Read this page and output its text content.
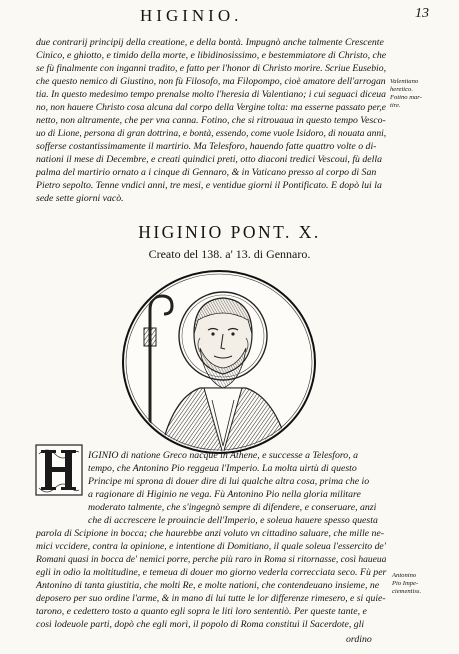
HIGINIO.	13
due contrarij principij della creatione, e della bontà. Impugnò anche talmente Crescente
Cinico, e ghiotto, e timido della morte, e libidinosissimo, e bestemmiatore di Christo, che
se fù finalmente con inganni tradito, e fatto per l'honor di Christo morire. Scriue Eusebio,
che questo nemico di Giustino, non fù Filosofo, ma Filopompo, cioè amatore dell'arrogan
tia. In questo medesimo tempo prenalse molto l'heresia di Valentiano; i cui seguaci diceua
no, non hauere Christo cosa alcuna dal corpo della Vergine tolta: ma esserne passato per,e
netto, non altramente, che per vna canna. Fotino, che si ritrouaua in questo tempo Vesco-
uo di Lione, persona di gran dottrina, e bontà, essendo, come vuole Isidoro, di nouata anni,
sofferse costantissimamente il martirio. Ma Telesforo, hauendo fatte quattro volte o di-
nationi il mese di Decembre, e creati quindici preti, otto diaconi tredici Vescoui, fù della
palma del martirio ornato a i cinque di Gennaro, & in Vaticano presso al corpo di San
Pietro sepolto. Tenne vndici anni, tre mesi, e ventidue giorni il Pontificato. E dopò lui la
sede sette giorni vacò.
Valentiano
heretico.
Fotino mar-
tire.
HIGINIO PONT. X.
Creato del 138. a' 13. di Gennaro.
IGINIO di natione Greco nacque in Athene, e successe a Telesforo, a
tempo, che Antonino Pio reggeua l'Imperio. La molta uirtù di questo
Principe mi sprona di douer dire di lui qualche altra cosa, prima che io
a ragionare di Higinio ne vega. Fù Antonino Pio nella gloria militare
moderato talmente, che s'ingegnò sempre di difendere, e conseruare, anzi
che di accrescere le prouincie dell'Imperio, e soleua hauere spesso questa
parola di Scipione in bocca; che haurebbe anzi voluto vn cittadino saluare, che mille ne-
mici vccidere, contra la opinione, e intentione di Domitiano, il quale soleua l'essercito de'
Romani quasi in bocca de' nemici porre, perche più raro in Roma si ritornasse, così haueua
egli in odio la moltitudine, e temeua di douer mo giorno vederla correcciata seco. Fù per
Antonino di tanta giustitia, che molti Re, e molte nationi, che contendeuano insieme, ne
deposero per suo ordine l'arme, & in mano di lui tutte le lor differenze rimesero, e si quie-
tarono, e cedettero tosto a quanto egli sopra le liti loro sententiò. Per queste tante, e
così lodeuole parti, dopò che egli morì, il popolo di Roma constituì il Sacerdote, gli
ordino
Antonino
Pio Impe-
ciementiss.
